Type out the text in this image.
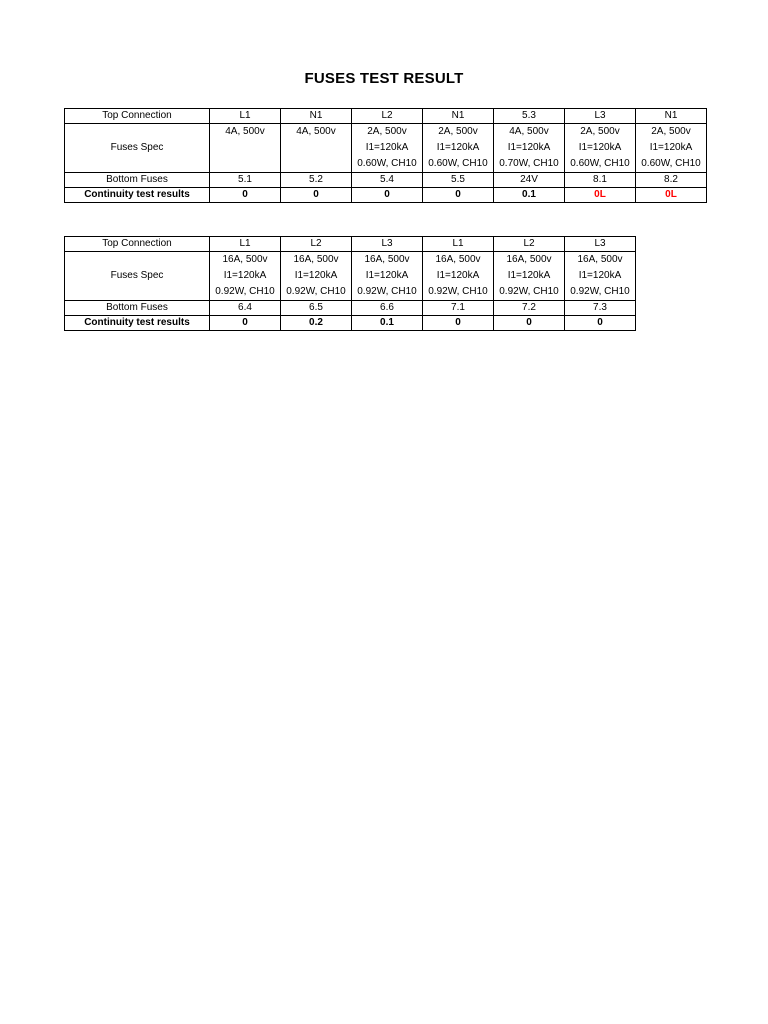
FUSES TEST RESULT
Top Connection	L1	N1	L2	N1	5.3	L3	N1
Fuses Spec	4A, 500v	4A, 500v	2A, 500v
I1=120kA
0.60W, CH10	2A, 500v
I1=120kA
0.60W, CH10	4A, 500v
I1=120kA
0.70W, CH10	2A, 500v
I1=120kA
0.60W, CH10	2A, 500v
I1=120kA
0.60W, CH10

Bottom Fuses	5.1	5.2	5.4	5.5	24V	8.1	8.2
Continuity test results	0	0	0	0	0.1	0L	0L
Top Connection	L1	L2	L3	L1	L2	L3
Fuses Spec	16A, 500v
I1=120kA
0.92W, CH10	16A, 500v
I1=120kA
0.92W, CH10	16A, 500v
I1=120kA
0.92W, CH10	16A, 500v
I1=120kA
0.92W, CH10	16A, 500v
I1=120kA
0.92W, CH10	16A, 500v
I1=120kA
0.92W, CH10

Bottom Fuses	6.4	6.5	6.6	7.1	7.2	7.3
Continuity test results	0	0.2	0.1	0	0	0
